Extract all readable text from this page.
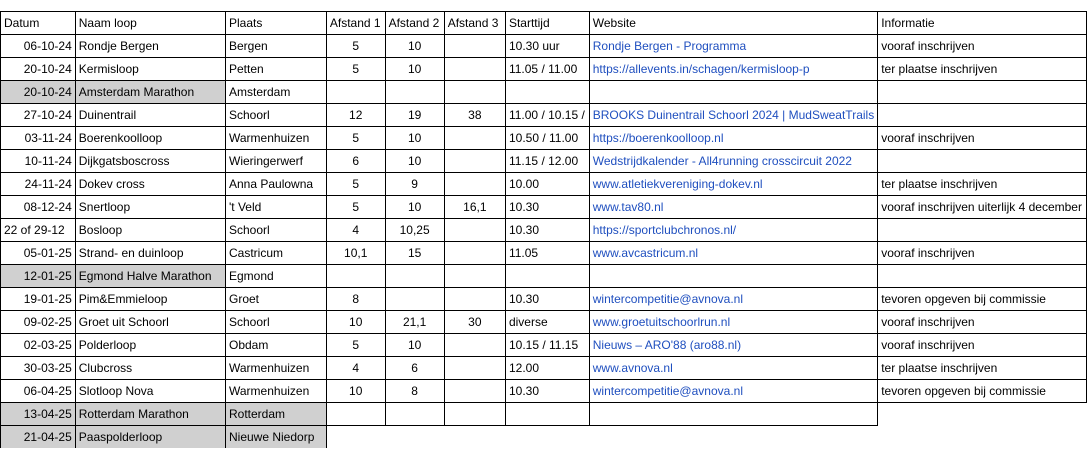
Datum	Naam loop	Plaats	Afstand 1	Afstand 2	Afstand 3	Starttijd	Website	Informatie
06-10-24	Rondje Bergen	Bergen	5	10		10.30 uur	Rondje Bergen - Programma	vooraf inschrijven
20-10-24	Kermisloop	Petten	5	10		11.05 / 11.00	https://allevents.in/schagen/kermisloop-p	ter plaatse inschrijven
20-10-24	Amsterdam Marathon	Amsterdam						
27-10-24	Duinentrail	Schoorl	12	19	38	11.00 / 10.15 /	BROOKS Duinentrail Schoorl 2024 | MudSweatTrails	
03-11-24	Boerenkoolloop	Warmenhuizen	5	10		10.50 / 11.00	https://boerenkoolloop.nl	vooraf inschrijven
10-11-24	Dijkgatsboscross	Wieringerwerf	6	10		11.15 / 12.00	Wedstrijdkalender - All4running crosscircuit 2022	
24-11-24	Dokev cross	Anna Paulowna	5	9		10.00	www.atletiekvereniging-dokev.nl	ter plaatse inschrijven
08-12-24	Snertloop	't Veld	5	10	16,1	10.30	www.tav80.nl	vooraf inschrijven uiterlijk 4 december
22 of 29-12	Bosloop	Schoorl	4	10,25		10.30	https://sportclubchronos.nl/	
05-01-25	Strand- en duinloop	Castricum	10,1	15		11.05	www.avcastricum.nl	vooraf inschrijven
12-01-25	Egmond Halve Marathon	Egmond						
19-01-25	Pim&Emmieloop	Groet	8			10.30	wintercompetitie@avnova.nl	tevoren opgeven bij commissie
09-02-25	Groet uit Schoorl	Schoorl	10	21,1	30	diverse	www.groetuitschoorlrun.nl	vooraf inschrijven
02-03-25	Polderloop	Obdam	5	10		10.15 / 11.15	Nieuws – ARO'88 (aro88.nl)	vooraf inschrijven
30-03-25	Clubcross	Warmenhuizen	4	6		12.00	www.avnova.nl	ter plaatse inschrijven
06-04-25	Slotloop Nova	Warmenhuizen	10	8		10.30	wintercompetitie@avnova.nl	tevoren opgeven bij commissie
13-04-25	Rotterdam Marathon	Rotterdam						
21-04-25	Paaspolderloop	Nieuwe Niedorp						
